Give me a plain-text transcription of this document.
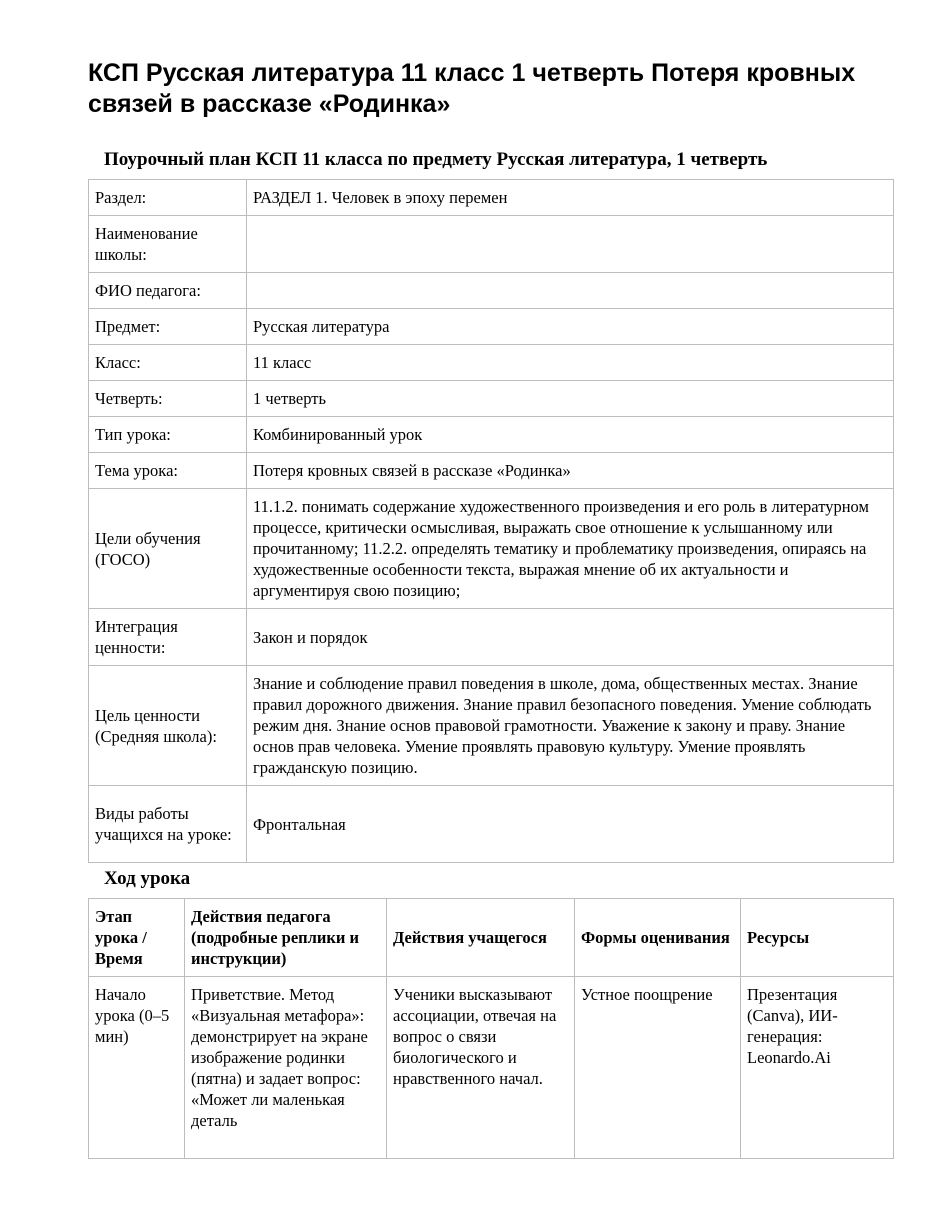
КСП Русская литература 11 класс 1 четверть Потеря кровных связей в рассказе «Родинка»
Поурочный план КСП 11 класса по предмету Русская литература, 1 четверть
Раздел:	РАЗДЕЛ 1. Человек в эпоху перемен
Наименование школы:	
ФИО педагога:	
Предмет:	Русская литература
Класс:	11 класс
Четверть:	1 четверть
Тип урока:	Комбинированный урок
Тема урока:	Потеря кровных связей в рассказе «Родинка»
Цели обучения (ГОСО)	11.1.2. понимать содержание художественного произведения и его роль в литературном процессе, критически осмысливая, выражать свое отношение к услышанному или прочитанному; 11.2.2. определять тематику и проблематику произведения, опираясь на художественные особенности текста, выражая мнение об их актуальности и аргументируя свою позицию;
Интеграция ценности:	Закон и порядок
Цель ценности (Средняя школа):	Знание и соблюдение правил поведения в школе, дома, общественных местах. Знание правил дорожного движения. Знание правил безопасного поведения. Умение соблюдать режим дня. Знание основ правовой грамотности. Уважение к закону и праву. Знание основ прав человека. Умение проявлять правовую культуру. Умение проявлять гражданскую позицию.
Виды работы учащихся на уроке:	Фронтальная
Ход урока
Этап урока / Время	Действия педагога (подробные реплики и инструкции)	Действия учащегося	Формы оценивания	Ресурсы
Начало урока (0–5 мин)	Приветствие. Метод «Визуальная метафора»: демонстрирует на экране изображение родинки (пятна) и задает вопрос: «Может ли маленькая деталь	Ученики высказывают ассоциации, отвечая на вопрос о связи биологического и нравственного начал.	Устное поощрение	Презентация (Canva), ИИ-генерация: Leonardo.Ai
